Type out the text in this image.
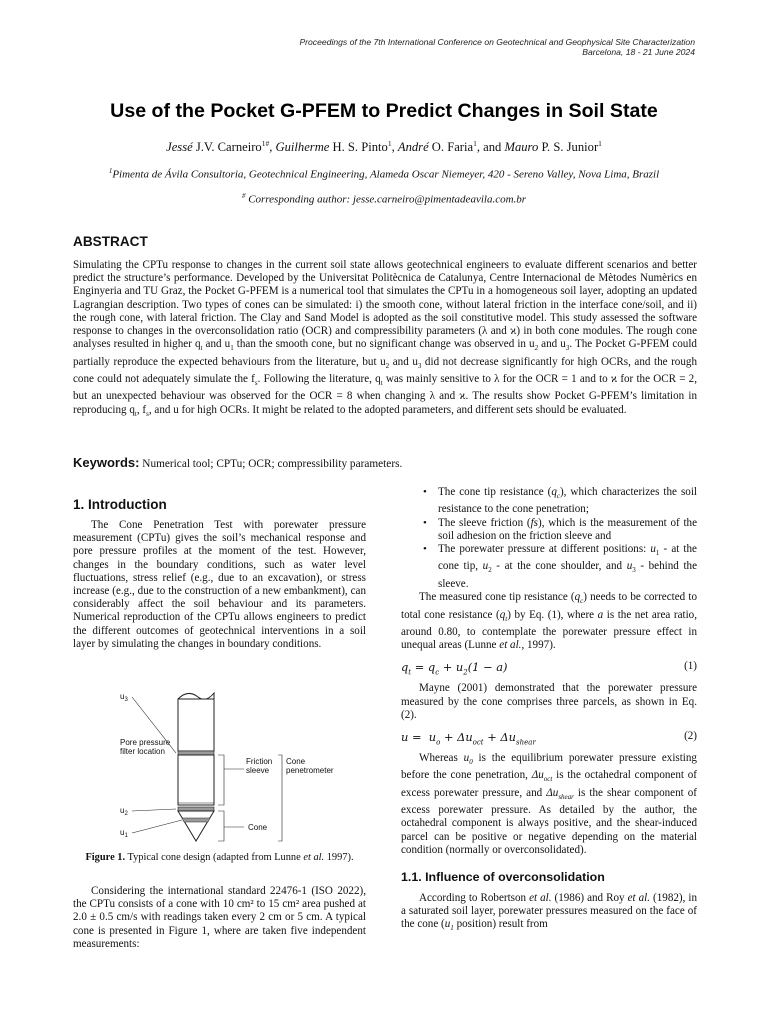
Proceedings of the 7th International Conference on Geotechnical and Geophysical Site Characterization
Barcelona, 18 - 21 June 2024
Use of the Pocket G-PFEM to Predict Changes in Soil State
Jessé J.V. Carneiro$^{1\#}$, Guilherme H. S. Pinto$^1$, André O. Faria$^1$, and Mauro P. S. Junior$^1$
$^1$Pimenta de Ávila Consultoria, Geotechnical Engineering, Alameda Oscar Niemeyer, 420 - Sereno Valley, Nova Lima, Brazil
# Corresponding author: jesse.carneiro@pimentadeavila.com.br
ABSTRACT
Simulating the CPTu response to changes in the current soil state allows geotechnical engineers to evaluate different scenarios and better predict the structure’s performance. Developed by the Universitat Politècnica de Catalunya, Centre Internacional de Mètodes Numèrics en Enginyeria and TU Graz, the Pocket G-PFEM is a numerical tool that simulates the CPTu in a homogeneous soil layer, adopting an updated Lagrangian description. Two types of cones can be simulated: i) the smooth cone, without lateral friction in the interface cone/soil, and ii) the rough cone, with lateral friction. The Clay and Sand Model is adopted as the soil constitutive model. This study assessed the software response to changes in the overconsolidation ratio (OCR) and compressibility parameters (λ and ϰ) in both cone modules. The rough cone analyses resulted in higher $q_t$ and $u_1$ than the smooth cone, but no significant change was observed in $u_2$ and $u_3$. The Pocket G-PFEM could partially reproduce the expected behaviours from the literature, but $u_2$ and $u_3$ did not decrease significantly for high OCRs, and the rough cone could not adequately simulate the $f_s$. Following the literature, $q_t$ was mainly sensitive to λ for the OCR = 1 and to ϰ for the OCR = 2, but an unexpected behaviour was observed for the OCR = 8 when changing λ and ϰ. The results show Pocket G-PFEM’s limitation in reproducing $q_t$, $f_s$, and u for high OCRs. It might be related to the adopted parameters, and different sets should be evaluated.
Keywords: Numerical tool; CPTu; OCR; compressibility parameters.
1. Introduction

The Cone Penetration Test with porewater pressure measurement (CPTu) gives the soil’s mechanical response and pore pressure profiles at the moment of the test. However, changes in the boundary conditions, such as water level fluctuations, stress relief (e.g., due to an excavation), or stress increase (e.g., due to the construction of a new embankment), can considerably affect the soil behaviour and its parameters. Numerical reproduction of the CPTu allows engineers to predict the different outcomes of geotechnical interventions in a soil layer by simulating the changes in boundary conditions.

$u_3$
$u_2$
$u_1$
Pore pressure
filter location
Friction
sleeve
Cone
penetrometer
Cone
Figure 1. Typical cone design (adapted from Lunne et al. 1997).

Considering the international standard 22476-1 (ISO 2022), the CPTu consists of a cone with 10 cm² to 15 cm² area pushed at 2.0 ± 0.5 cm/s with readings taken every 2 cm or 5 cm. A typical cone is presented in Figure 1, where are taken five independent measurements:

• The cone tip resistance $(q_c)$, which characterizes the soil resistance to the cone penetration;
• The sleeve friction (fs), which is the measurement of the soil adhesion on the friction sleeve and
• The porewater pressure at different positions: $u_1$ - at the cone tip, $u_2$ - at the cone shoulder, and $u_3$ - behind the sleeve.

The measured cone tip resistance $(q_c)$ needs to be corrected to total cone resistance $(q_t)$ by Eq. (1), where a is the net area ratio, around 0.80, to contemplate the porewater pressure effect in unequal areas (Lunne et al., 1997).

$q_t = q_c + u_2(1 - a)$	(1)

Mayne (2001) demonstrated that the porewater pressure measured by the cone comprises three parcels, as shown in Eq. (2).

$u = u_o + \Delta u_{oct} + \Delta u_{shear}$
(2)

Whereas $u_0$ is the equilibrium porewater pressure existing before the cone penetration, $\Delta u_{oct}$ is the octahedral component of excess porewater pressure, and $\Delta u_{shear}$ is the shear component of excess porewater pressure. As detailed by the author, the octahedral component is always positive, and the shear-induced parcel can be positive or negative depending on the material condition (normally or overconsolidated).

1.1. Influence of overconsolidation

According to Robertson et al. (1986) and Roy et al. (1982), in a saturated soil layer, porewater pressures measured on the face of the cone ($u_1$ position) result from
